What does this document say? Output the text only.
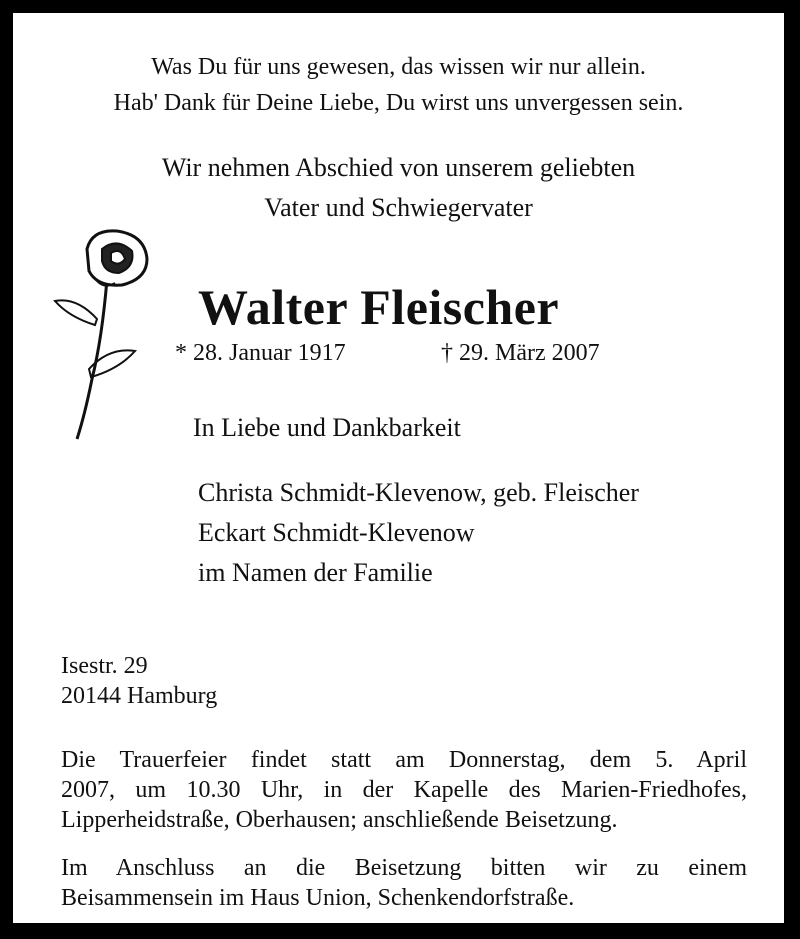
Was Du für uns gewesen, das wissen wir nur allein.
Hab' Dank für Deine Liebe, Du wirst uns unvergessen sein.
Wir nehmen Abschied von unserem geliebten
Vater und Schwiegervater
Walter Fleischer
* 28. Januar 1917	† 29. März 2007
In Liebe und Dankbarkeit
Christa Schmidt-Klevenow, geb. Fleischer
Eckart Schmidt-Klevenow
im Namen der Familie
Isestr. 29
20144 Hamburg
Die Trauerfeier findet statt am Donnerstag, dem 5. April
2007, um 10.30 Uhr, in der Kapelle des Marien-Friedhofes,
Lipperheidstraße, Oberhausen; anschließende Beisetzung.
Im Anschluss an die Beisetzung bitten wir zu einem
Beisammensein im Haus Union, Schenkendorfstraße.
